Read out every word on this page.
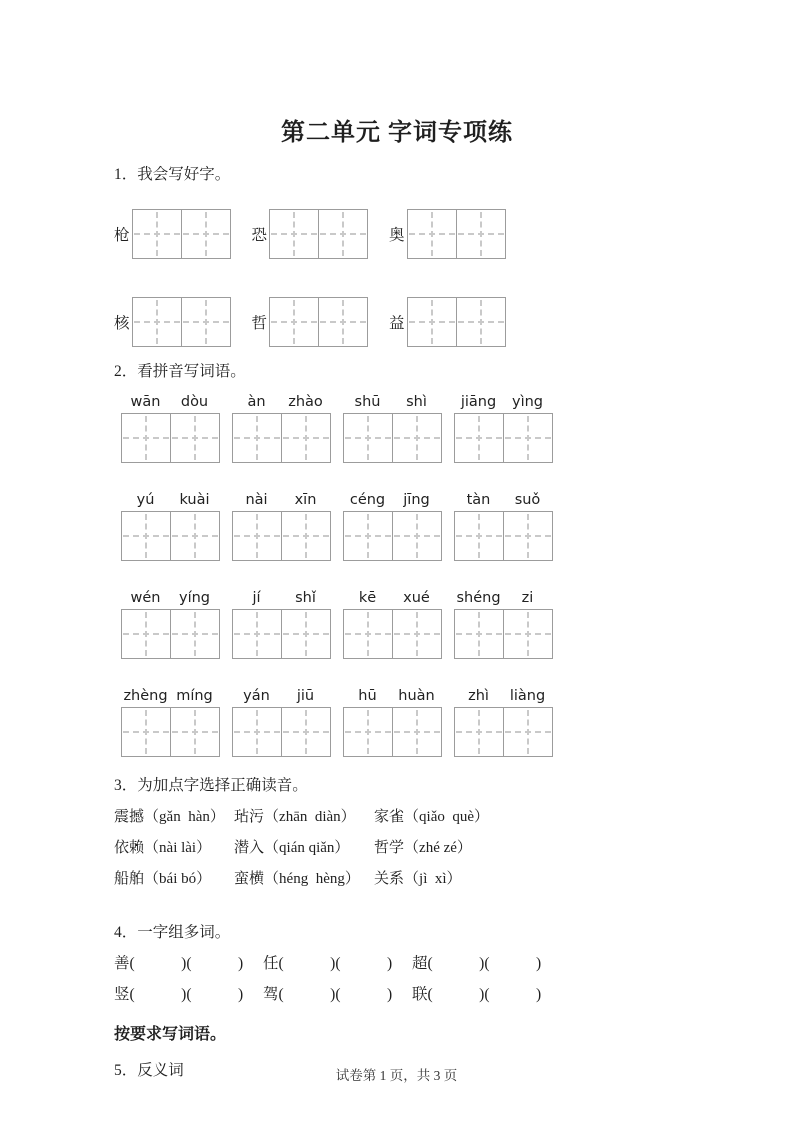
第二单元 字词专项练
1．我会写好字。
枪	恐	奥
核	哲	益
2．看拼音写词语。
wān	dòu	àn	zhào	shū	shì	jiāng	yìng
yú	kuài	nài	xīn	céng	jīng	tàn	suǒ
wén	yíng	jí	shǐ	kē	xué	shéng	zi
zhèng míng	yán	jiū	hū	huàn	zhì	liàng
3．为加点字选择正确读音。
震撼 •（gǎn  hàn） 玷 •污（zhān  diàn）	家雀 •（qiǎo  què）
依赖 •（nài lài）	潜 •入（qián qiǎn）	哲 •学（zhé zé）
船舶 •（bái bó）	蛮横 •（héng  hèng） 关系 •（jì  xì）
4．一字组多词。
善(　　　)(　　　)	任(　　　)(　　　)	超(　　　)(　　　)
竖(　　　)(　　　)	驾(　　　)(　　　)	联(　　　)(　　　)
按要求写词语。
5．反义词	试卷第 1 页，共 3 页
